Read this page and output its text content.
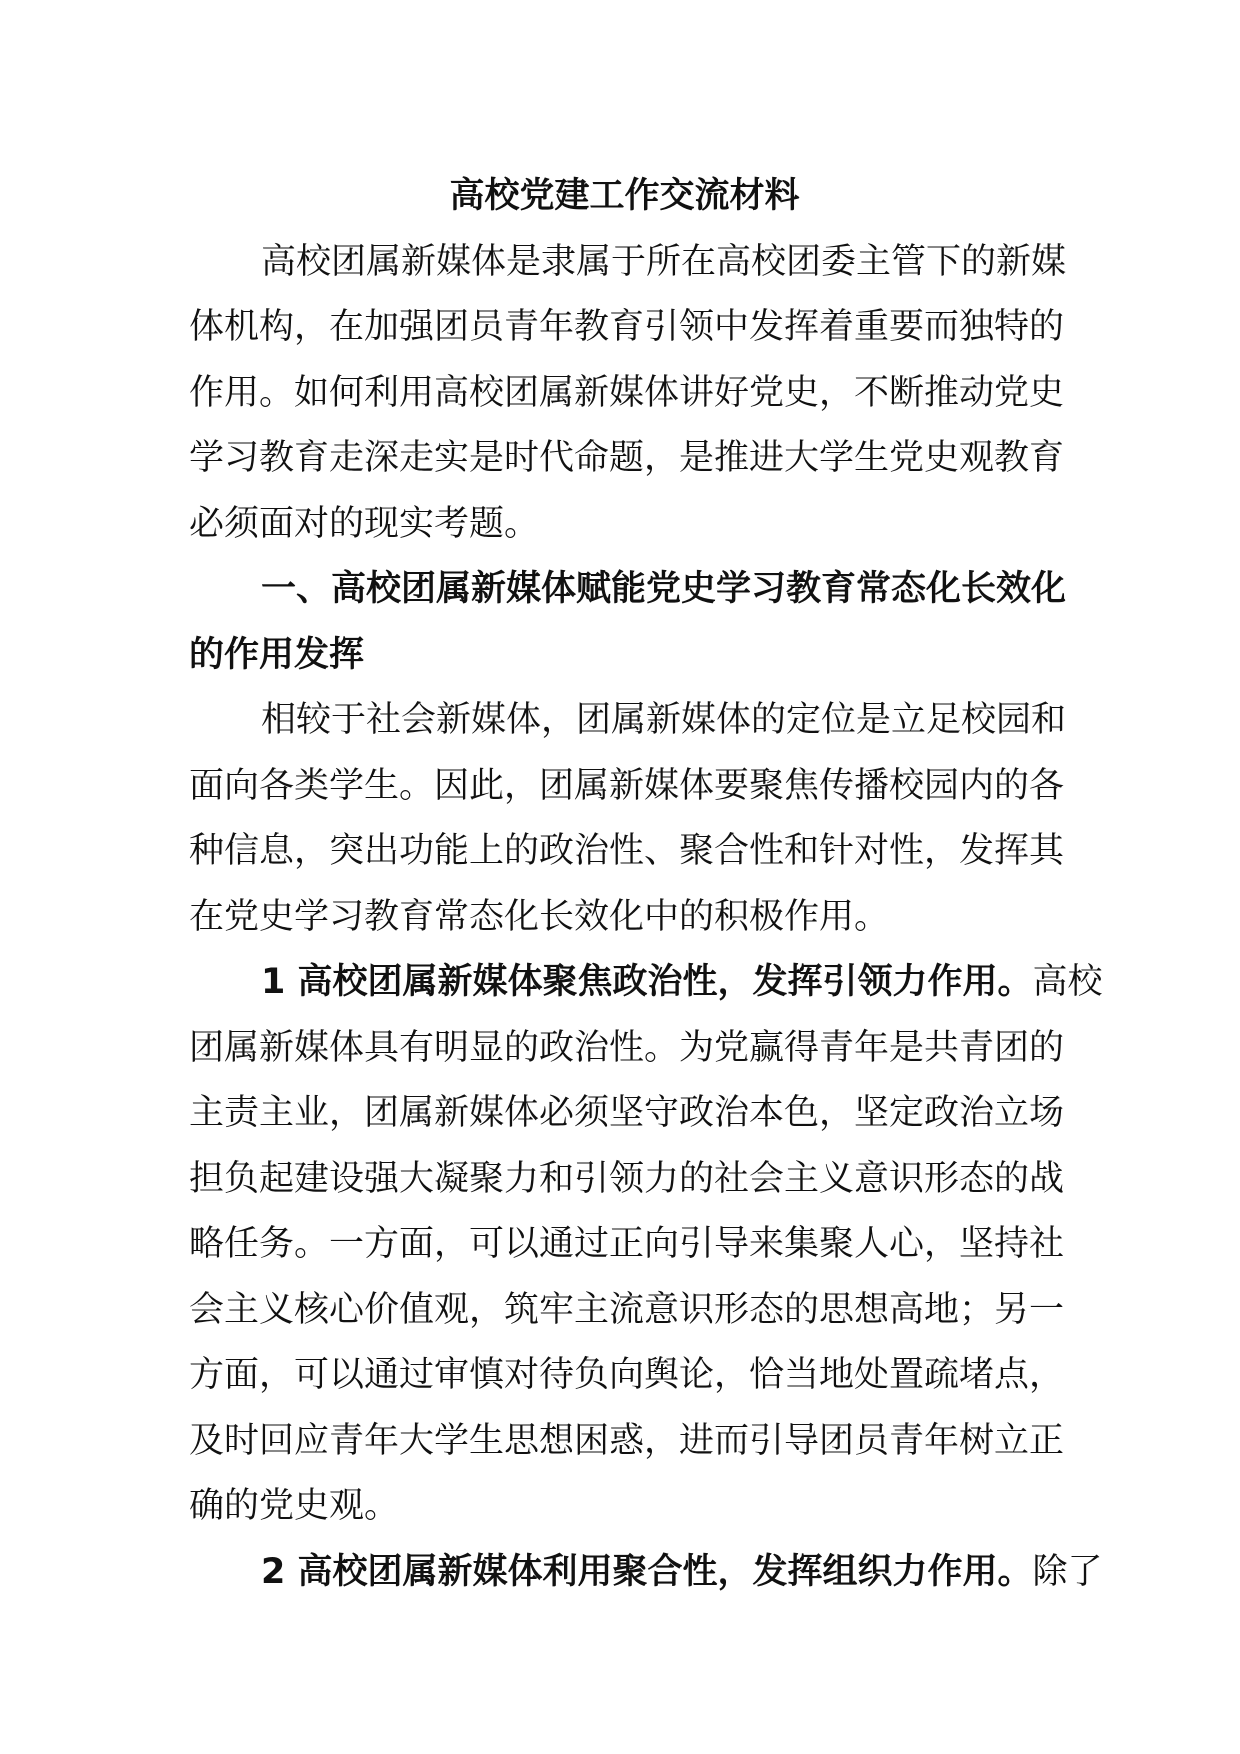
高校党建工作交流材料
高校团属新媒体是隶属于所在高校团委主管下的新媒
体机构，在加强团员青年教育引领中发挥着重要而独特的
作用。如何利用高校团属新媒体讲好党史，不断推动党史
学习教育走深走实是时代命题，是推进大学生党史观教育
必须面对的现实考题。
一、高校团属新媒体赋能党史学习教育常态化长效化
的作用发挥
相较于社会新媒体，团属新媒体的定位是立足校园和
面向各类学生。因此，团属新媒体要聚焦传播校园内的各
种信息，突出功能上的政治性、聚合性和针对性，发挥其
在党史学习教育常态化长效化中的积极作用。
1 高校团属新媒体聚焦政治性，发挥引领力作用。高校
团属新媒体具有明显的政治性。为党赢得青年是共青团的
主责主业，团属新媒体必须坚守政治本色，坚定政治立场
担负起建设强大凝聚力和引领力的社会主义意识形态的战
略任务。一方面，可以通过正向引导来集聚人心，坚持社
会主义核心价值观，筑牢主流意识形态的思想高地；另一
方面，可以通过审慎对待负向舆论，恰当地处置疏堵点，
及时回应青年大学生思想困惑，进而引导团员青年树立正
确的党史观。
2 高校团属新媒体利用聚合性，发挥组织力作用。除了
